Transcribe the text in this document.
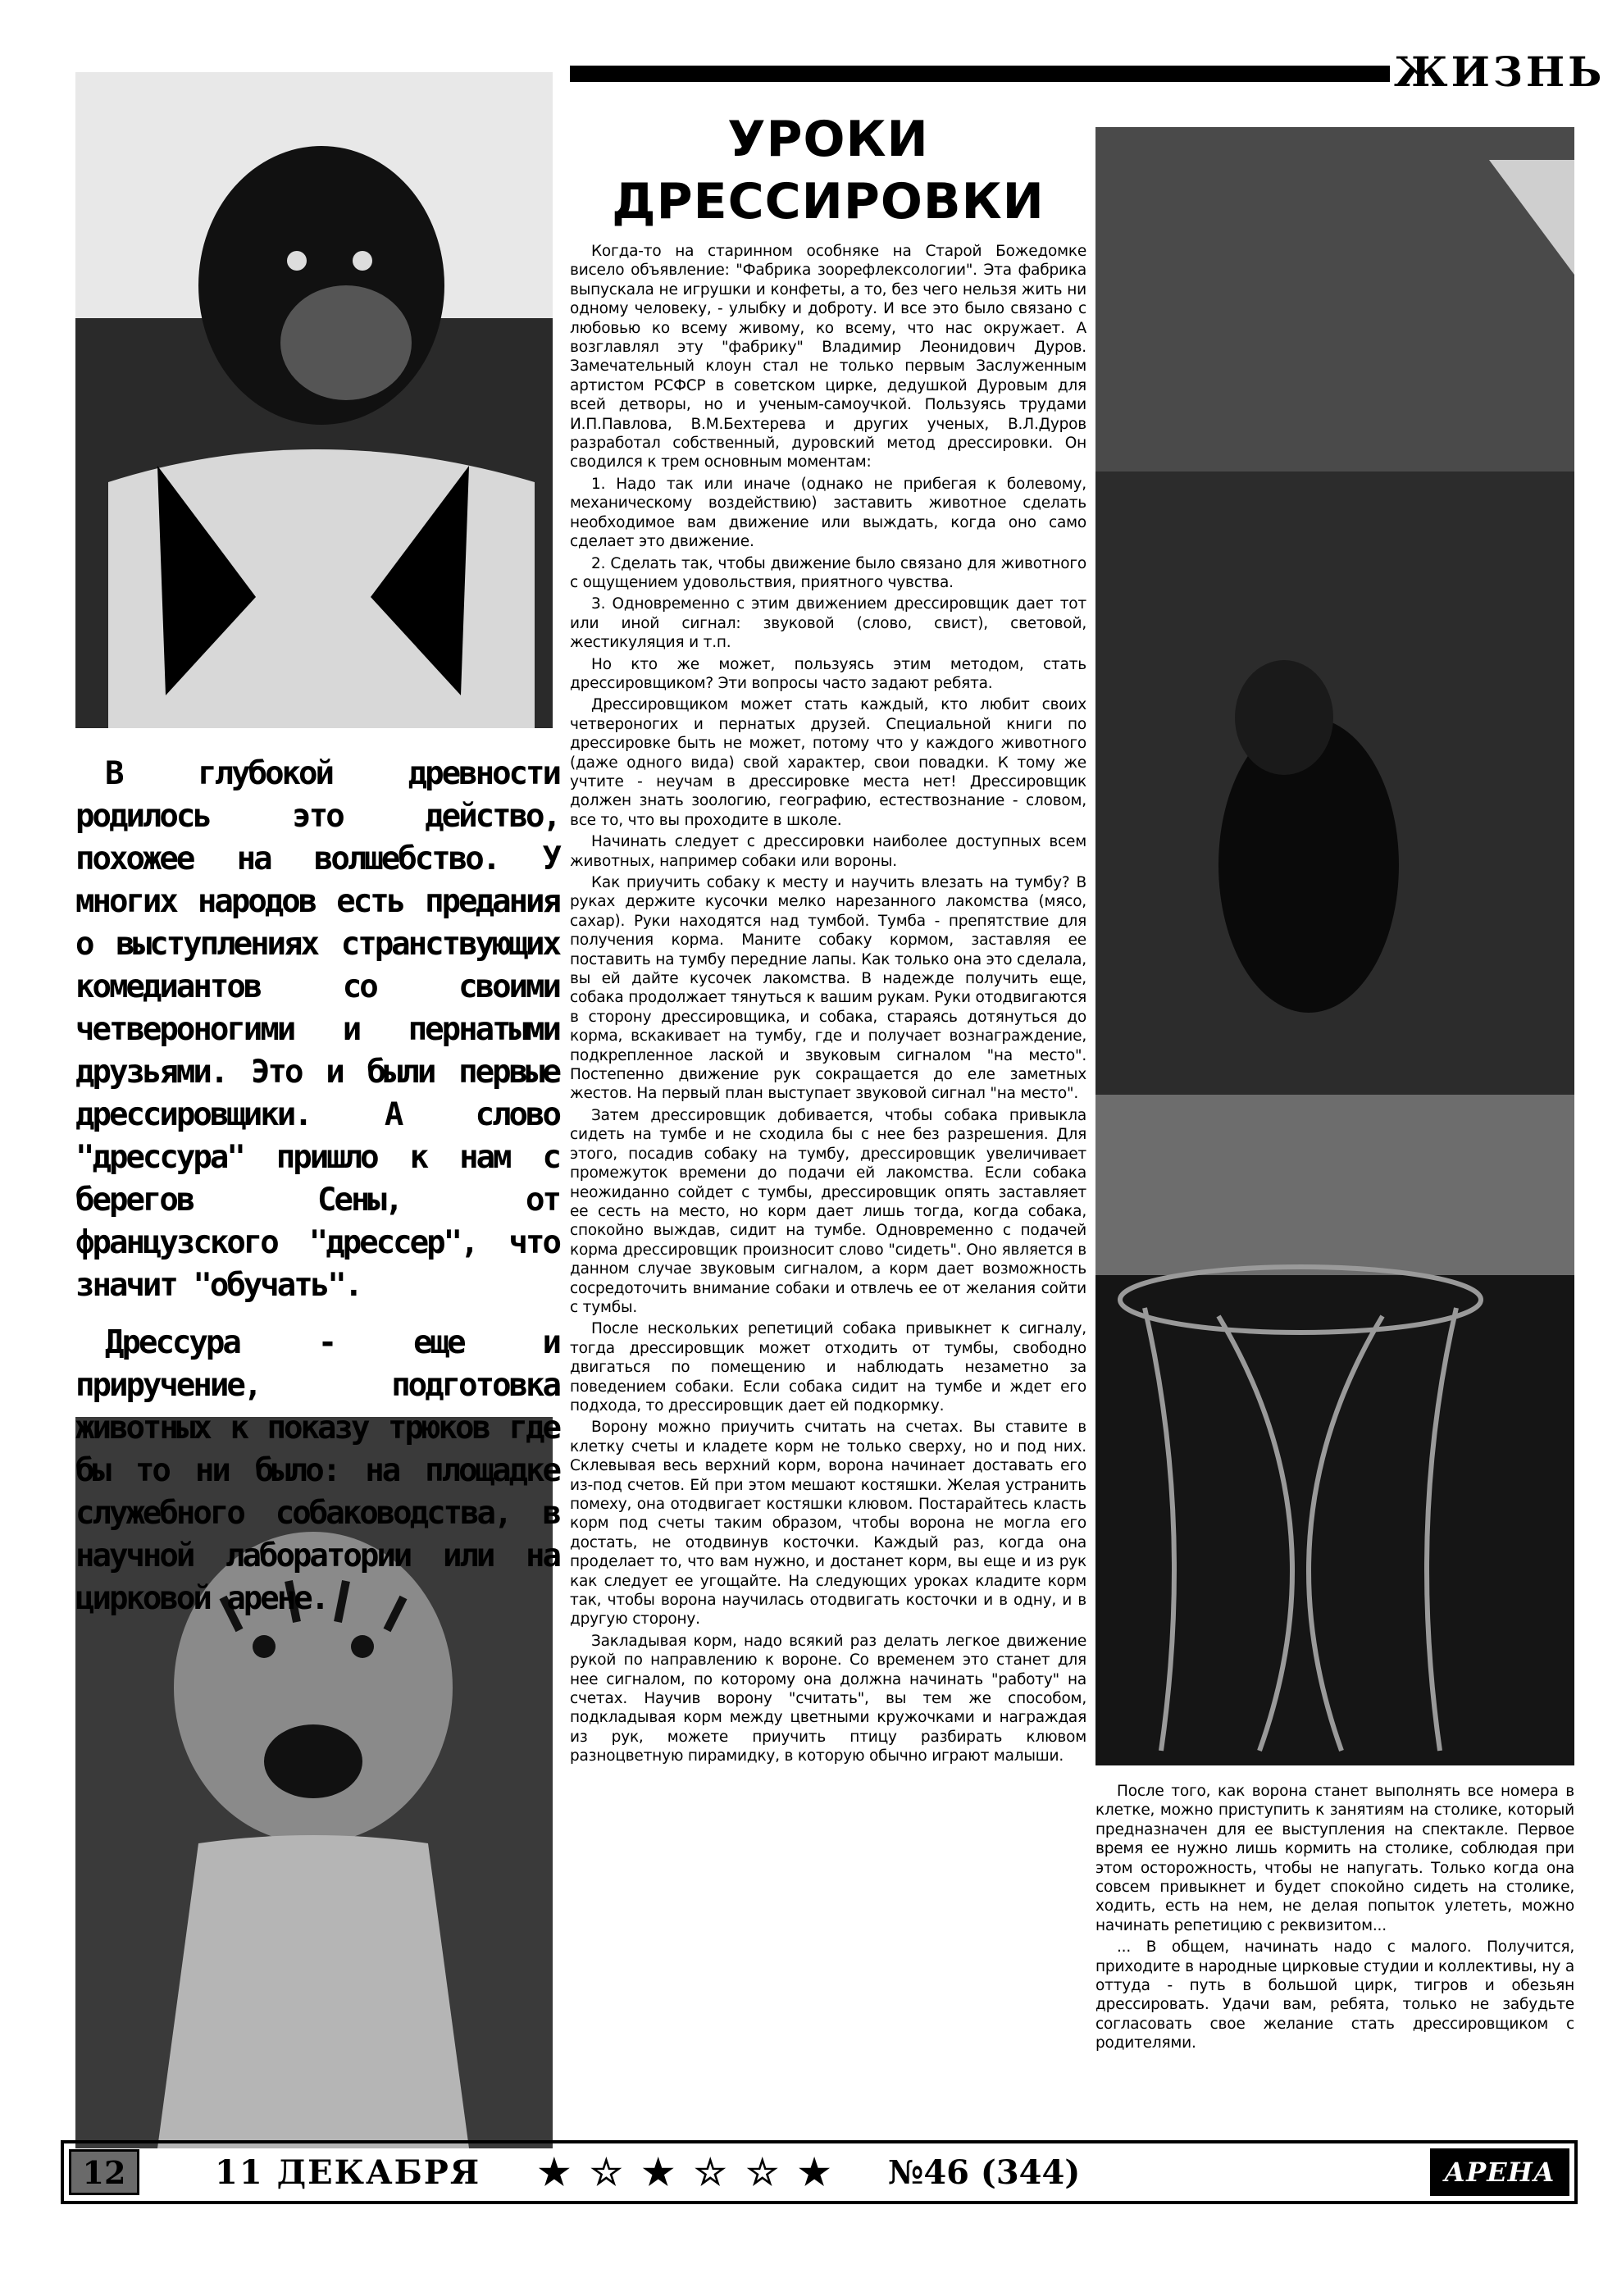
ЖИЗНЬ
УРОКИ
ДРЕССИРОВКИ

В глубокой древности родилось это действо, похожее на волшебство. У многих народов есть предания о выступлениях странствующих комедиантов со своими четвероногими и пернатыми друзьями. Это и были первые дрессировщики. А слово "дрессура" пришло к нам с берегов Сены, от французского "дрессер", что значит "обучать".

Дрессура - еще и приручение, подготовка животных к показу трюков где бы то ни было: на площадке служебного собаководства, в научной лаборатории или на цирковой арене.

Когда-то на старинном особняке на Старой Божедомке висело объявление: "Фабрика зоорефлексологии". Эта фабрика выпускала не игрушки и конфеты, а то, без чего нельзя жить ни одному человеку, - улыбку и доброту. И все это было связано с любовью ко всему живому, ко всему, что нас окружает. А возглавлял эту "фабрику" Владимир Леонидович Дуров. Замечательный клоун стал не только первым Заслуженным артистом РСФСР в советском цирке, дедушкой Дуровым для всей детворы, но и ученым-самоучкой. Пользуясь трудами И.П.Павлова, В.М.Бехтерева и других ученых, В.Л.Дуров разработал собственный, дуровский метод дрессировки. Он сводился к трем основным моментам:

1. Надо так или иначе (однако не прибегая к болевому, механическому воздействию) заставить животное сделать необходимое вам движение или выждать, когда оно само сделает это движение.

2. Сделать так, чтобы движение было связано для животного с ощущением удовольствия, приятного чувства.

3. Одновременно с этим движением дрессировщик дает тот или иной сигнал: звуковой (слово, свист), световой, жестикуляция и т.п.

Но кто же может, пользуясь этим методом, стать дрессировщиком? Эти вопросы часто задают ребята.

Дрессировщиком может стать каждый, кто любит своих четвероногих и пернатых друзей. Специальной книги по дрессировке быть не может, потому что у каждого животного (даже одного вида) свой характер, свои повадки. К тому же учтите - неучам в дрессировке места нет! Дрессировщик должен знать зоологию, географию, естествознание - словом, все то, что вы проходите в школе.

Начинать следует с дрессировки наиболее доступных всем животных, например собаки или вороны.

Как приучить собаку к месту и научить влезать на тумбу? В руках держите кусочки мелко нарезанного лакомства (мясо, сахар). Руки находятся над тумбой. Тумба - препятствие для получения корма. Маните собаку кормом, заставляя ее поставить на тумбу передние лапы. Как только она это сделала, вы ей дайте кусочек лакомства. В надежде получить еще, собака продолжает тянуться к вашим рукам. Руки отодвигаются в сторону дрессировщика, и собака, стараясь дотянуться до корма, вскакивает на тумбу, где и получает вознаграждение, подкрепленное лаской и звуковым сигналом "на место". Постепенно движение рук сокращается до еле заметных жестов. На первый план выступает звуковой сигнал "на место".

Затем дрессировщик добивается, чтобы собака привыкла сидеть на тумбе и не сходила бы с нее без разрешения. Для этого, посадив собаку на тумбу, дрессировщик увеличивает промежуток времени до подачи ей лакомства. Если собака неожиданно сойдет с тумбы, дрессировщик опять заставляет ее сесть на место, но корм дает лишь тогда, когда собака, спокойно выждав, сидит на тумбе. Одновременно с подачей корма дрессировщик произносит слово "сидеть". Оно является в данном случае звуковым сигналом, а корм дает возможность сосредоточить внимание собаки и отвлечь ее от желания сойти с тумбы.

После нескольких репетиций собака привыкнет к сигналу, тогда дрессировщик может отходить от тумбы, свободно двигаться по помещению и наблюдать незаметно за поведением собаки. Если собака сидит на тумбе и ждет его подхода, то дрессировщик дает ей подкормку.

Ворону можно приучить считать на счетах. Вы ставите в клетку счеты и кладете корм не только сверху, но и под них. Склевывая весь верхний корм, ворона начинает доставать его из-под счетов. Ей при этом мешают костяшки. Желая устранить помеху, она отодвигает костяшки клювом. Постарайтесь класть корм под счеты таким образом, чтобы ворона не могла его достать, не отодвинув косточки. Каждый раз, когда она проделает то, что вам нужно, и достанет корм, вы еще и из рук как следует ее угощайте. На следующих уроках кладите корм так, чтобы ворона научилась отодвигать косточки и в одну, и в другую сторону.

Закладывая корм, надо всякий раз делать легкое движение рукой по направлению к вороне. Со временем это станет для нее сигналом, по которому она должна начинать "работу" на счетах. Научив ворону "считать", вы тем же способом, подкладывая корм между цветными кружочками и награждая из рук, можете приучить птицу разбирать клювом разноцветную пирамидку, в которую обычно играют малыши.

После того, как ворона станет выполнять все номера в клетке, можно приступить к занятиям на столике, который предназначен для ее выступления на спектакле. Первое время ее нужно лишь кормить на столике, соблюдая при этом осторожность, чтобы не напугать. Только когда она совсем привыкнет и будет спокойно сидеть на столике, ходить, есть на нем, не делая попыток улететь, можно начинать репетицию с реквизитом...

... В общем, начинать надо с малого. Получится, приходите в народные цирковые студии и коллективы, ну а оттуда - путь в большой цирк, тигров и обезьян дрессировать. Удачи вам, ребята, только не забудьте согласовать свое желание стать дрессировщиком с родителями.

12	11 ДЕКАБРЯ ★ ☆ ★ ☆ ☆ ★ №46 (344)	АРЕНА
